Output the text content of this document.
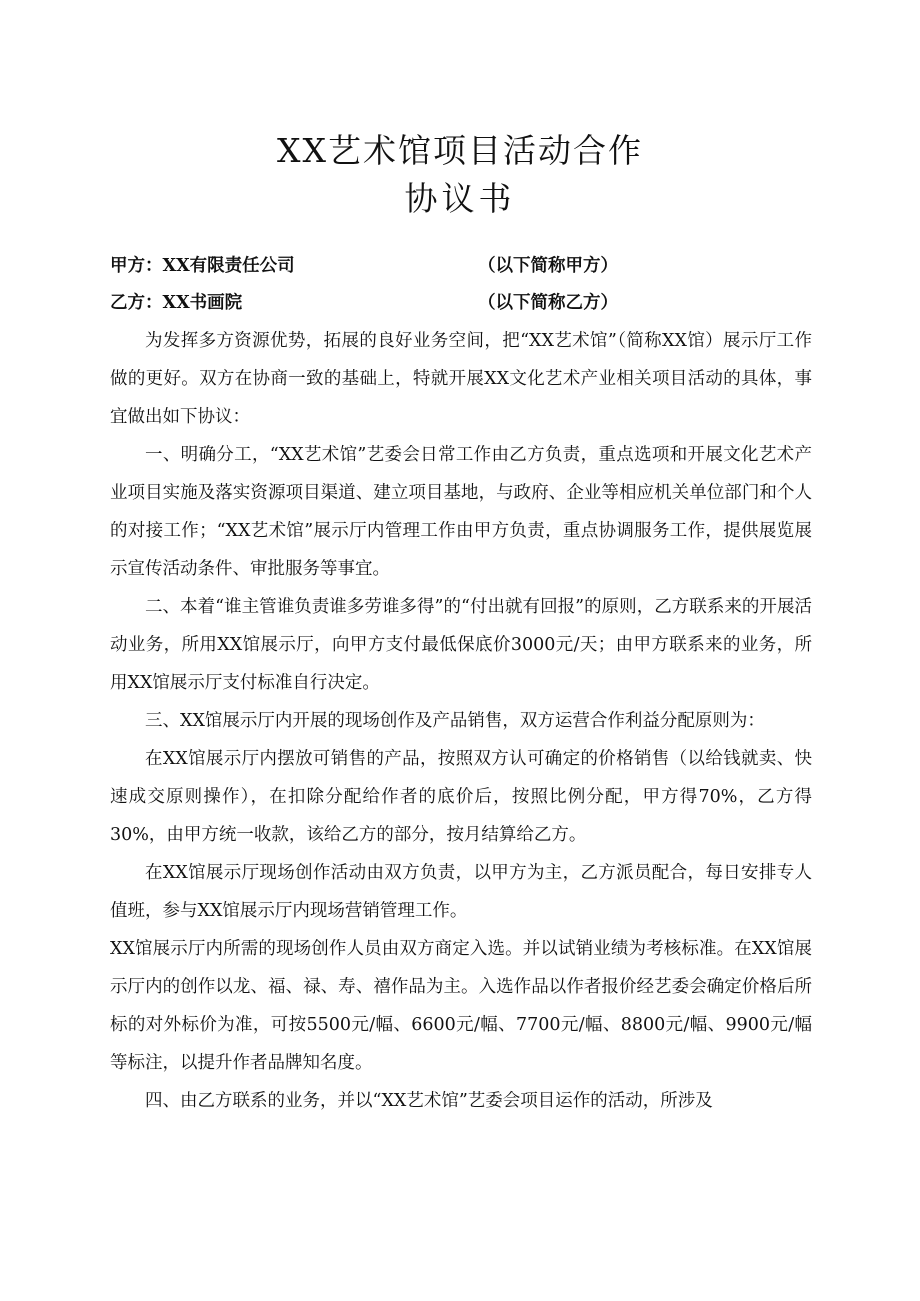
XX艺术馆项目活动合作
协议书
甲方：XX有限责任公司	（以下简称甲方）
乙方：XX书画院	（以下简称乙方）

为发挥多方资源优势，拓展的良好业务空间，把“XX艺术馆”（简称XX馆）展示厅工作做的更好。双方在协商一致的基础上，特就开展XX文化艺术产业相关项目活动的具体，事宜做出如下协议：

一、明确分工，“XX艺术馆”艺委会日常工作由乙方负责，重点选项和开展文化艺术产业项目实施及落实资源项目渠道、建立项目基地，与政府、企业等相应机关单位部门和个人的对接工作；“XX艺术馆”展示厅内管理工作由甲方负责，重点协调服务工作，提供展览展示宣传活动条件、审批服务等事宜。

二、本着“谁主管谁负责谁多劳谁多得”的“付出就有回报”的原则，乙方联系来的开展活动业务，所用XX馆展示厅，向甲方支付最低保底价3000元/天；由甲方联系来的业务，所用XX馆展示厅支付标准自行决定。

三、XX馆展示厅内开展的现场创作及产品销售，双方运营合作利益分配原则为：

在XX馆展示厅内摆放可销售的产品，按照双方认可确定的价格销售（以给钱就卖、快速成交原则操作），在扣除分配给作者的底价后，按照比例分配，甲方得70%，乙方得30%，由甲方统一收款，该给乙方的部分，按月结算给乙方。

在XX馆展示厅现场创作活动由双方负责，以甲方为主，乙方派员配合，每日安排专人值班，参与XX馆展示厅内现场营销管理工作。

XX馆展示厅内所需的现场创作人员由双方商定入选。并以试销业绩为考核标准。在XX馆展示厅内的创作以龙、福、禄、寿、禧作品为主。入选作品以作者报价经艺委会确定价格后所标的对外标价为准，可按5500元/幅、6600元/幅、7700元/幅、8800元/幅、9900元/幅等标注，以提升作者品牌知名度。

四、由乙方联系的业务，并以“XX艺术馆”艺委会项目运作的活动，所涉及
